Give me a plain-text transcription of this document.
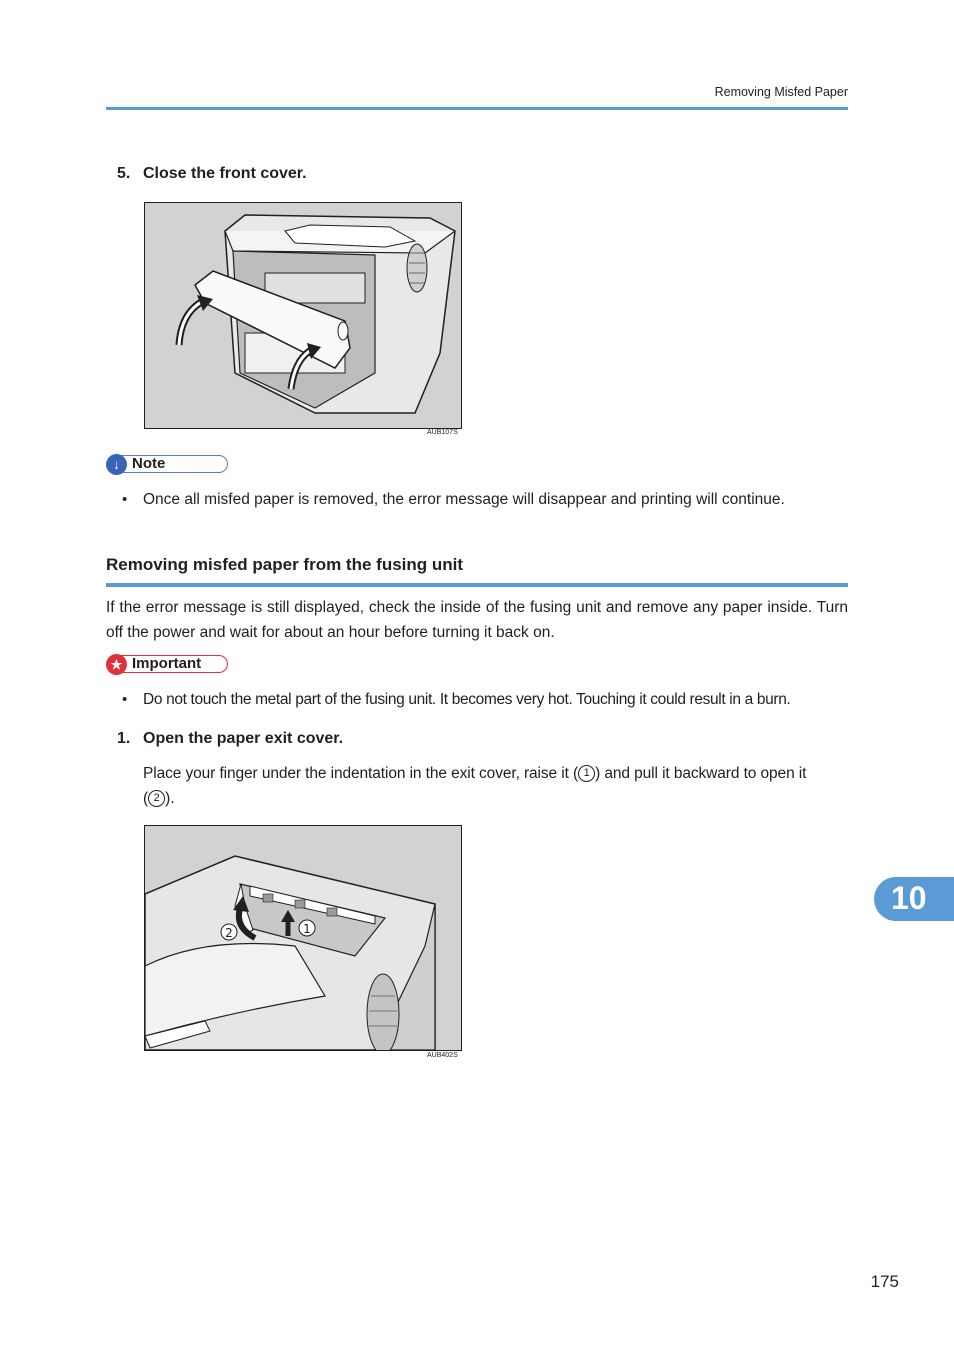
Removing Misfed Paper
5. Close the front cover.
AUB107S
↓ Note
• Once all misfed paper is removed, the error message will disappear and printing will continue.
Removing misfed paper from the fusing unit
If the error message is still displayed, check the inside of the fusing unit and remove any paper inside. Turn off the power and wait for about an hour before turning it back on.
★ Important
• Do not touch the metal part of the fusing unit. It becomes very hot. Touching it could result in a burn.
1. Open the paper exit cover.
Place your finger under the indentation in the exit cover, raise it ( 1 ) and pull it backward to open it
( 2 ).
1
2
AUB402S
10
175
